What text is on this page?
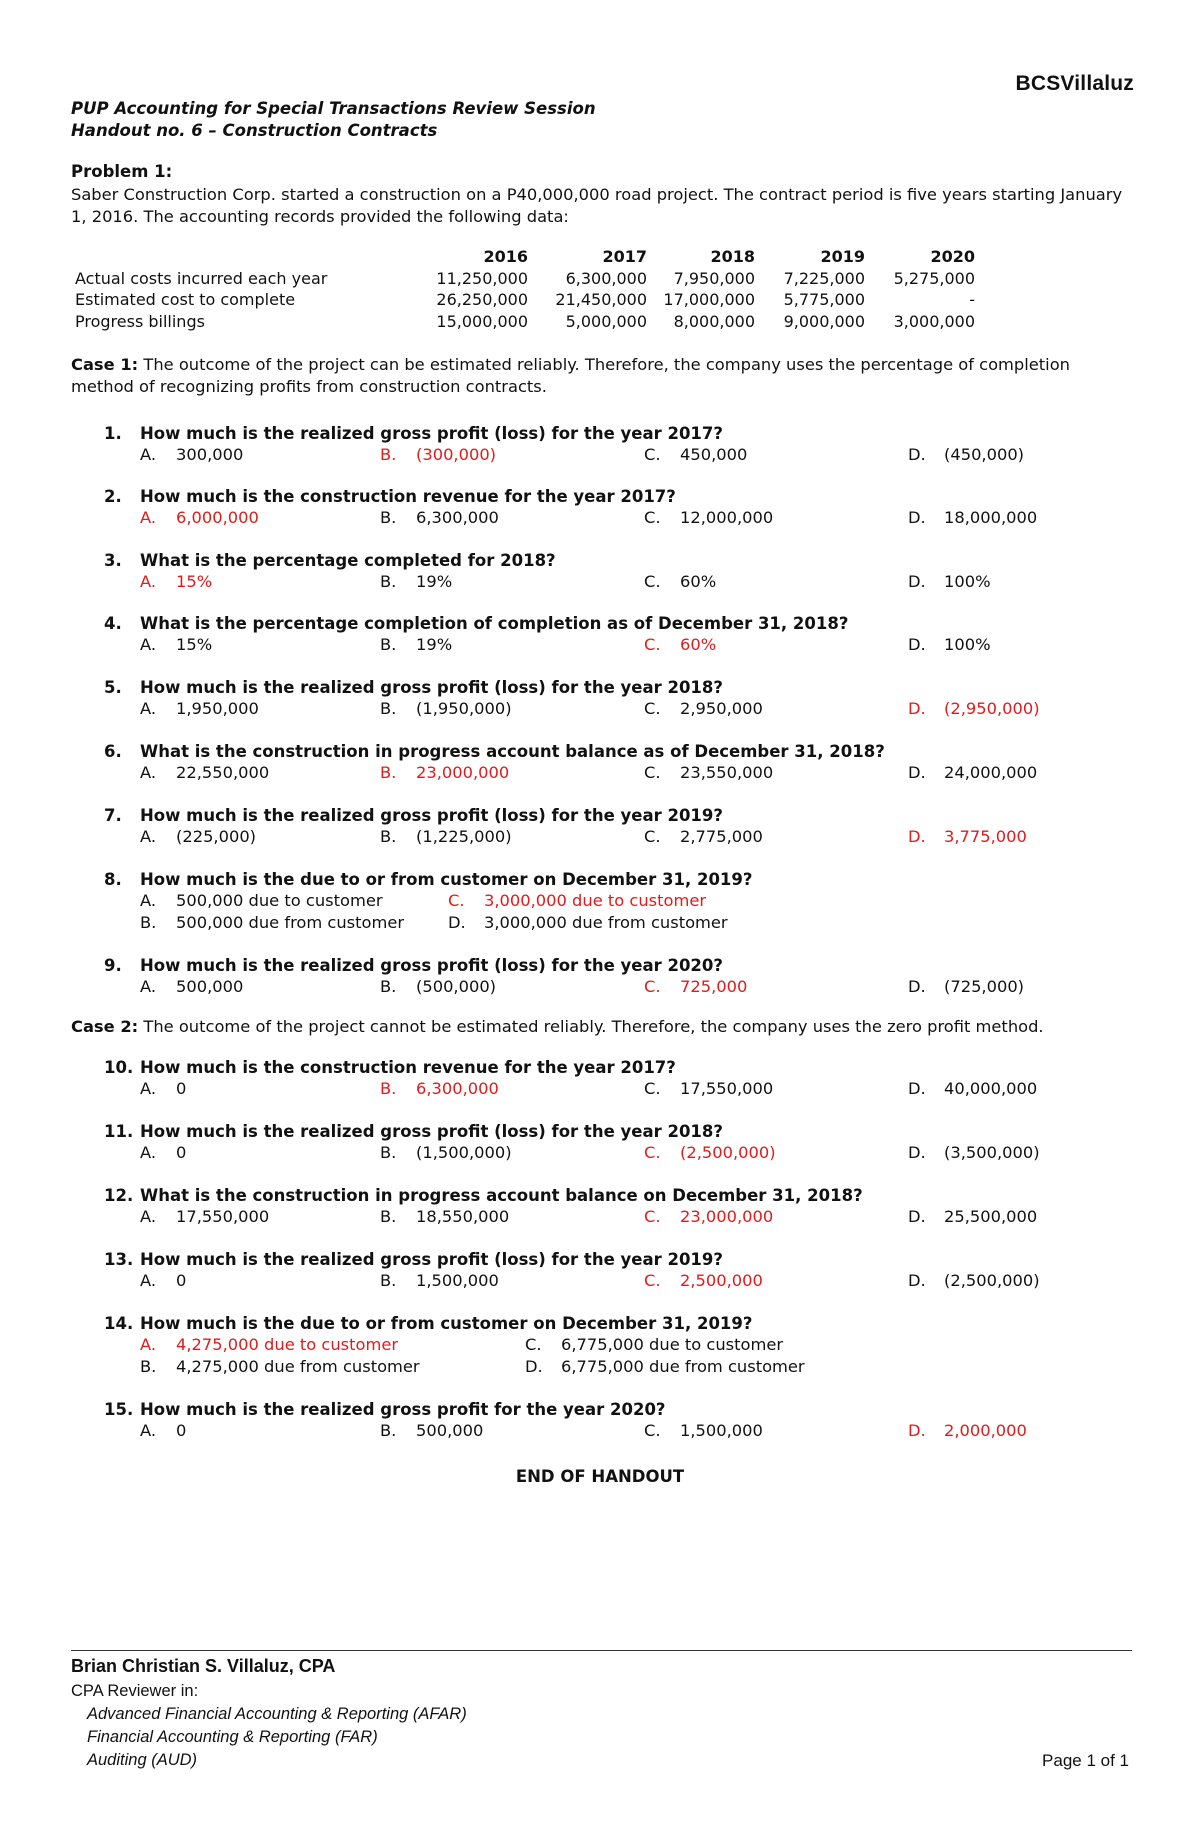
BCSVillaluz
PUP Accounting for Special Transactions Review Session
Handout no. 6 – Construction Contracts
Problem 1:
Saber Construction Corp. started a construction on a P40,000,000 road project. The contract period is five years starting January 1, 2016. The accounting records provided the following data:
	2016	2017	2018	2019	2020
Actual costs incurred each year	11,250,000	6,300,000	7,950,000	7,225,000	5,275,000
Estimated cost to complete	26,250,000	21,450,000	17,000,000	5,775,000	-
Progress billings	15,000,000	5,000,000	8,000,000	9,000,000	3,000,000
Case 1: The outcome of the project can be estimated reliably. Therefore, the company uses the percentage of completion method of recognizing profits from construction contracts.
Case 2: The outcome of the project cannot be estimated reliably. Therefore, the company uses the zero profit method.
1. How much is the realized gross profit (loss) for the year 2017?
A. 300,000	B. (300,000)	C. 450,000	D. (450,000)
2. How much is the construction revenue for the year 2017?
A. 6,000,000	B. 6,300,000	C. 12,000,000	D. 18,000,000
3. What is the percentage completed for 2018?
A. 15%	B. 19%	C. 60%	D. 100%
4. What is the percentage completion of completion as of December 31, 2018?
A. 15%	B. 19%	C. 60%	D. 100%
5. How much is the realized gross profit (loss) for the year 2018?
A. 1,950,000	B. (1,950,000)	C. 2,950,000	D. (2,950,000)
6. What is the construction in progress account balance as of December 31, 2018?
A. 22,550,000	B. 23,000,000	C. 23,550,000	D. 24,000,000
7. How much is the realized gross profit (loss) for the year 2019?
A. (225,000)	B. (1,225,000)	C. 2,775,000	D. 3,775,000
8. How much is the due to or from customer on December 31, 2019?
A. 500,000 due to customer	C. 3,000,000 due to customer
B. 500,000 due from customer	D. 3,000,000 due from customer
9. How much is the realized gross profit (loss) for the year 2020?
A. 500,000	B. (500,000)	C. 725,000	D. (725,000)
10. How much is the construction revenue for the year 2017?
A. 0	B. 6,300,000	C. 17,550,000	D. 40,000,000
11. How much is the realized gross profit (loss) for the year 2018?
A. 0	B. (1,500,000)	C. (2,500,000)	D. (3,500,000)
12. What is the construction in progress account balance on December 31, 2018?
A. 17,550,000	B. 18,550,000	C. 23,000,000	D. 25,500,000
13. How much is the realized gross profit (loss) for the year 2019?
A. 0	B. 1,500,000	C. 2,500,000	D. (2,500,000)
14. How much is the due to or from customer on December 31, 2019?
A. 4,275,000 due to customer	C. 6,775,000 due to customer
B. 4,275,000 due from customer	D. 6,775,000 due from customer
15. How much is the realized gross profit for the year 2020?
A. 0	B. 500,000	C. 1,500,000	D. 2,000,000
END OF HANDOUT
Brian Christian S. Villaluz, CPA
CPA Reviewer in:
Advanced Financial Accounting & Reporting (AFAR)
Financial Accounting & Reporting (FAR)
Auditing (AUD)	Page 1 of 1
